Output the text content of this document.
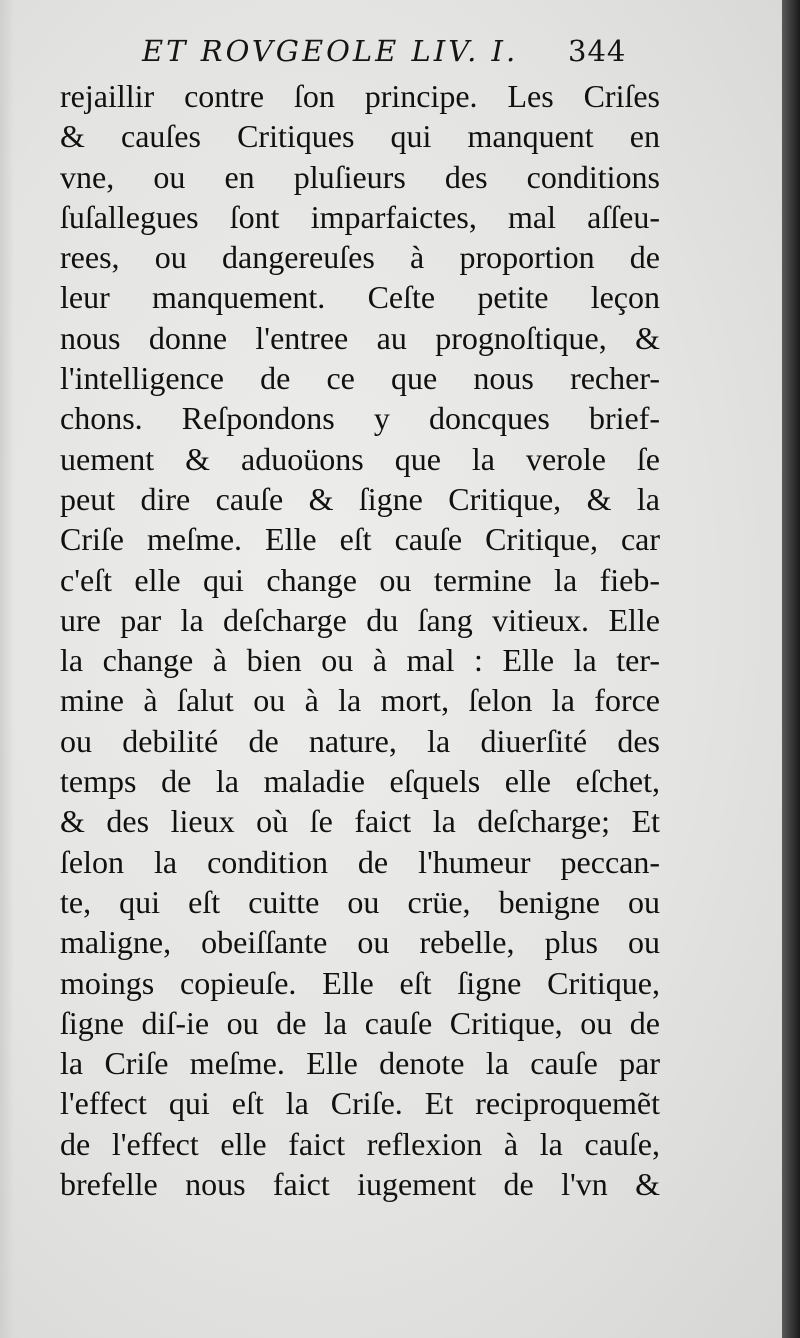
ET ROVGEOLE LIV. I. 344
rejaillir contre ſon principe. Les Criſes
& cauſes Critiques qui manquent en
vne, ou en pluſieurs des conditions
ſuſallegues ſont imparfaictes, mal aſſeu-
rees, ou dangereuſes à proportion de
leur manquement. Ceſte petite leçon
nous donne l'entree au prognoſtique, &
l'intelligence de ce que nous recher-
chons. Reſpondons y doncques brief-
uement & aduoüons que la verole ſe
peut dire cauſe & ſigne Critique, & la
Criſe meſme. Elle eſt cauſe Critique, car
c'eſt elle qui change ou termine la fieb-
ure par la deſcharge du ſang vitieux. Elle
la change à bien ou à mal : Elle la ter-
mine à ſalut ou à la mort, ſelon la force
ou debilité de nature, la diuerſité des
temps de la maladie eſquels elle eſchet,
& des lieux où ſe faict la deſcharge; Et
ſelon la condition de l'humeur peccan-
te, qui eſt cuitte ou crüe, benigne ou
maligne, obeiſſante ou rebelle, plus ou
moings copieuſe. Elle eſt ſigne Critique,
ſigne diſ-ie ou de la cauſe Critique, ou de
la Criſe meſme. Elle denote la cauſe par
l'effect qui eſt la Criſe. Et reciproquemẽt
de l'effect elle faict reflexion à la cauſe,
brefelle nous faict iugement de l'vn &
